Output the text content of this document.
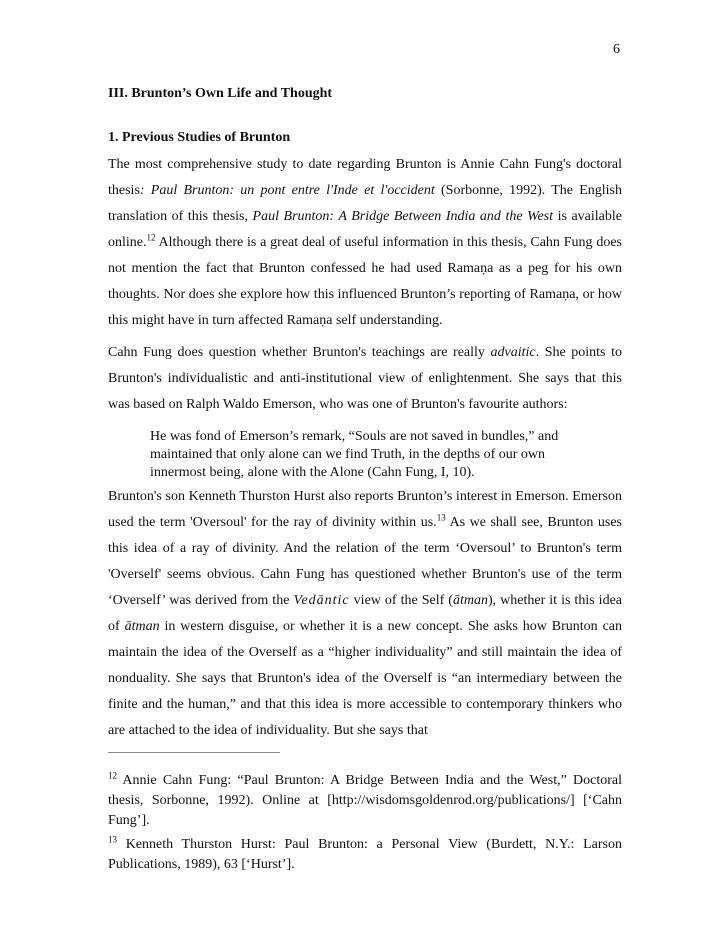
6
III. Brunton’s Own Life and Thought
1. Previous Studies of Brunton

The most comprehensive study to date regarding Brunton is Annie Cahn Fung's doctoral thesis: Paul Brunton: un pont entre l'Inde et l'occident (Sorbonne, 1992). The English translation of this thesis, Paul Brunton: A Bridge Between India and the West is available online.$^{12}$ Although there is a great deal of useful information in this thesis, Cahn Fung does not mention the fact that Brunton confessed he had used Ramaṇa as a peg for his own thoughts. Nor does she explore how this influenced Brunton’s reporting of Ramaṇa, or how this might have in turn affected Ramaṇa self understanding.

Cahn Fung does question whether Brunton's teachings are really advaitic. She points to Brunton's individualistic and anti-institutional view of enlightenment. She says that this was based on Ralph Waldo Emerson, who was one of Brunton's favourite authors:

He was fond of Emerson’s remark, “Souls are not saved in bundles,” and maintained that only alone can we find Truth, in the depths of our own innermost being, alone with the Alone (Cahn Fung, I, 10).

Brunton's son Kenneth Thurston Hurst also reports Brunton’s interest in Emerson. Emerson used the term 'Oversoul' for the ray of divinity within us.$^{13}$ As we shall see, Brunton uses this idea of a ray of divinity. And the relation of the term ‘Oversoul’ to Brunton's term 'Overself' seems obvious. Cahn Fung has questioned whether Brunton's use of the term ‘Overself’ was derived from the Vedāntic view of the Self (ātman), whether it is this idea of ātman in western disguise, or whether it is a new concept. She asks how Brunton can maintain the idea of the Overself as a “higher individuality” and still maintain the idea of nonduality. She says that Brunton's idea of the Overself is “an intermediary between the finite and the human,” and that this idea is more accessible to contemporary thinkers who are attached to the idea of individuality. But she says that

$^{12}$ Annie Cahn Fung: “Paul Brunton: A Bridge Between India and the West,” Doctoral thesis, Sorbonne, 1992). Online at [http://wisdomsgoldenrod.org/publications/] [‘Cahn Fung’].

$^{13}$ Kenneth Thurston Hurst: Paul Brunton: a Personal View (Burdett, N.Y.: Larson Publications, 1989), 63 [‘Hurst’].
